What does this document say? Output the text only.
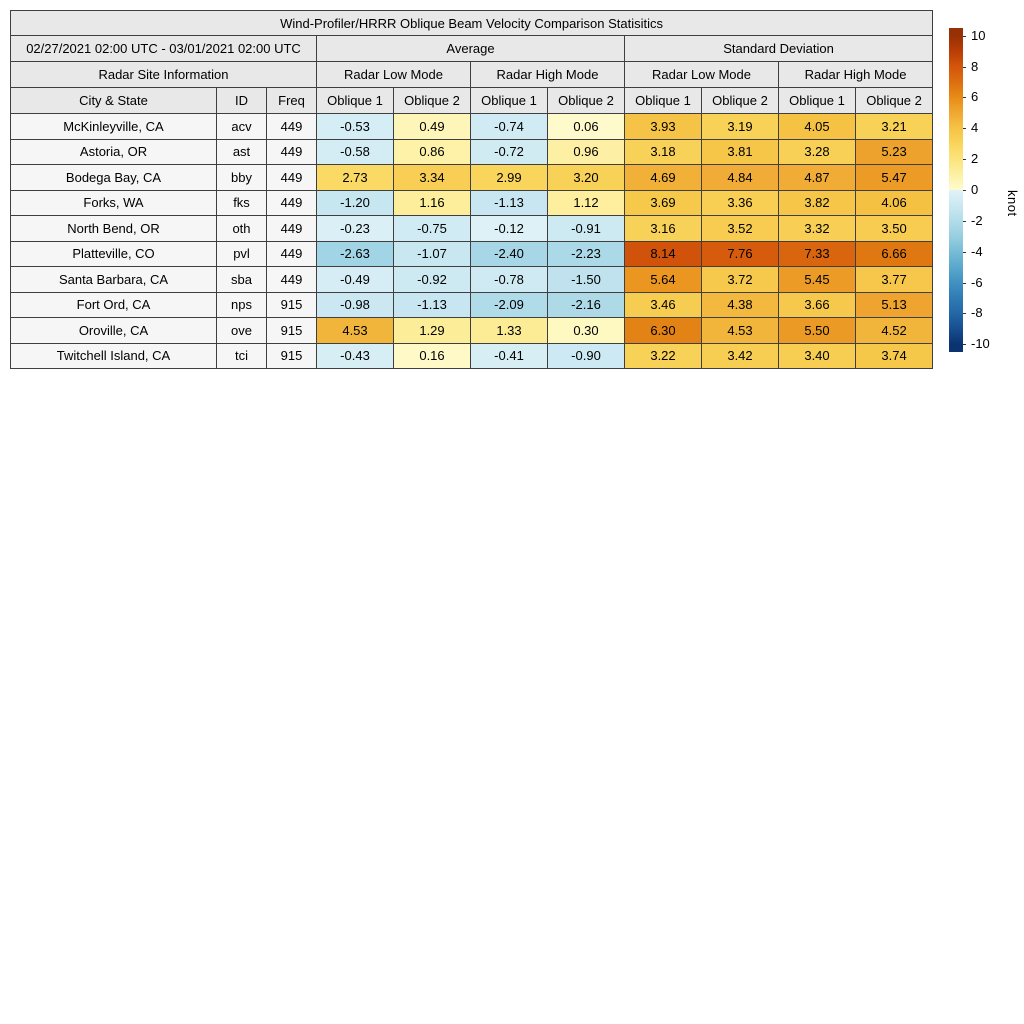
Wind-Profiler/HRRR Oblique Beam Velocity Comparison Statisitics										
02/27/2021 02:00 UTC - 03/01/2021 02:00 UTC			Average				Standard Deviation			
Radar Site Information			Radar Low Mode		Radar High Mode		Radar Low Mode		Radar High Mode	
City & State	ID	Freq	Oblique 1	Oblique 2	Oblique 1	Oblique 2	Oblique 1	Oblique 2	Oblique 1	Oblique 2
McKinleyville, CA	acv	449	-0.53	0.49	-0.74	0.06	3.93	3.19	4.05	3.21
Astoria, OR	ast	449	-0.58	0.86	-0.72	0.96	3.18	3.81	3.28	5.23
Bodega Bay, CA	bby	449	2.73	3.34	2.99	3.20	4.69	4.84	4.87	5.47
Forks, WA	fks	449	-1.20	1.16	-1.13	1.12	3.69	3.36	3.82	4.06
North Bend, OR	oth	449	-0.23	-0.75	-0.12	-0.91	3.16	3.52	3.32	3.50
Platteville, CO	pvl	449	-2.63	-1.07	-2.40	-2.23	8.14	7.76	7.33	6.66
Santa Barbara, CA	sba	449	-0.49	-0.92	-0.78	-1.50	5.64	3.72	5.45	3.77
Fort Ord, CA	nps	915	-0.98	-1.13	-2.09	-2.16	3.46	4.38	3.66	5.13
Oroville, CA	ove	915	4.53	1.29	1.33	0.30	6.30	4.53	5.50	4.52
Twitchell Island, CA	tci	915	-0.43	0.16	-0.41	-0.90	3.22	3.42	3.40	3.74
10
8
6
4
2
0
-2
-4
-6
-8
-10
knot
